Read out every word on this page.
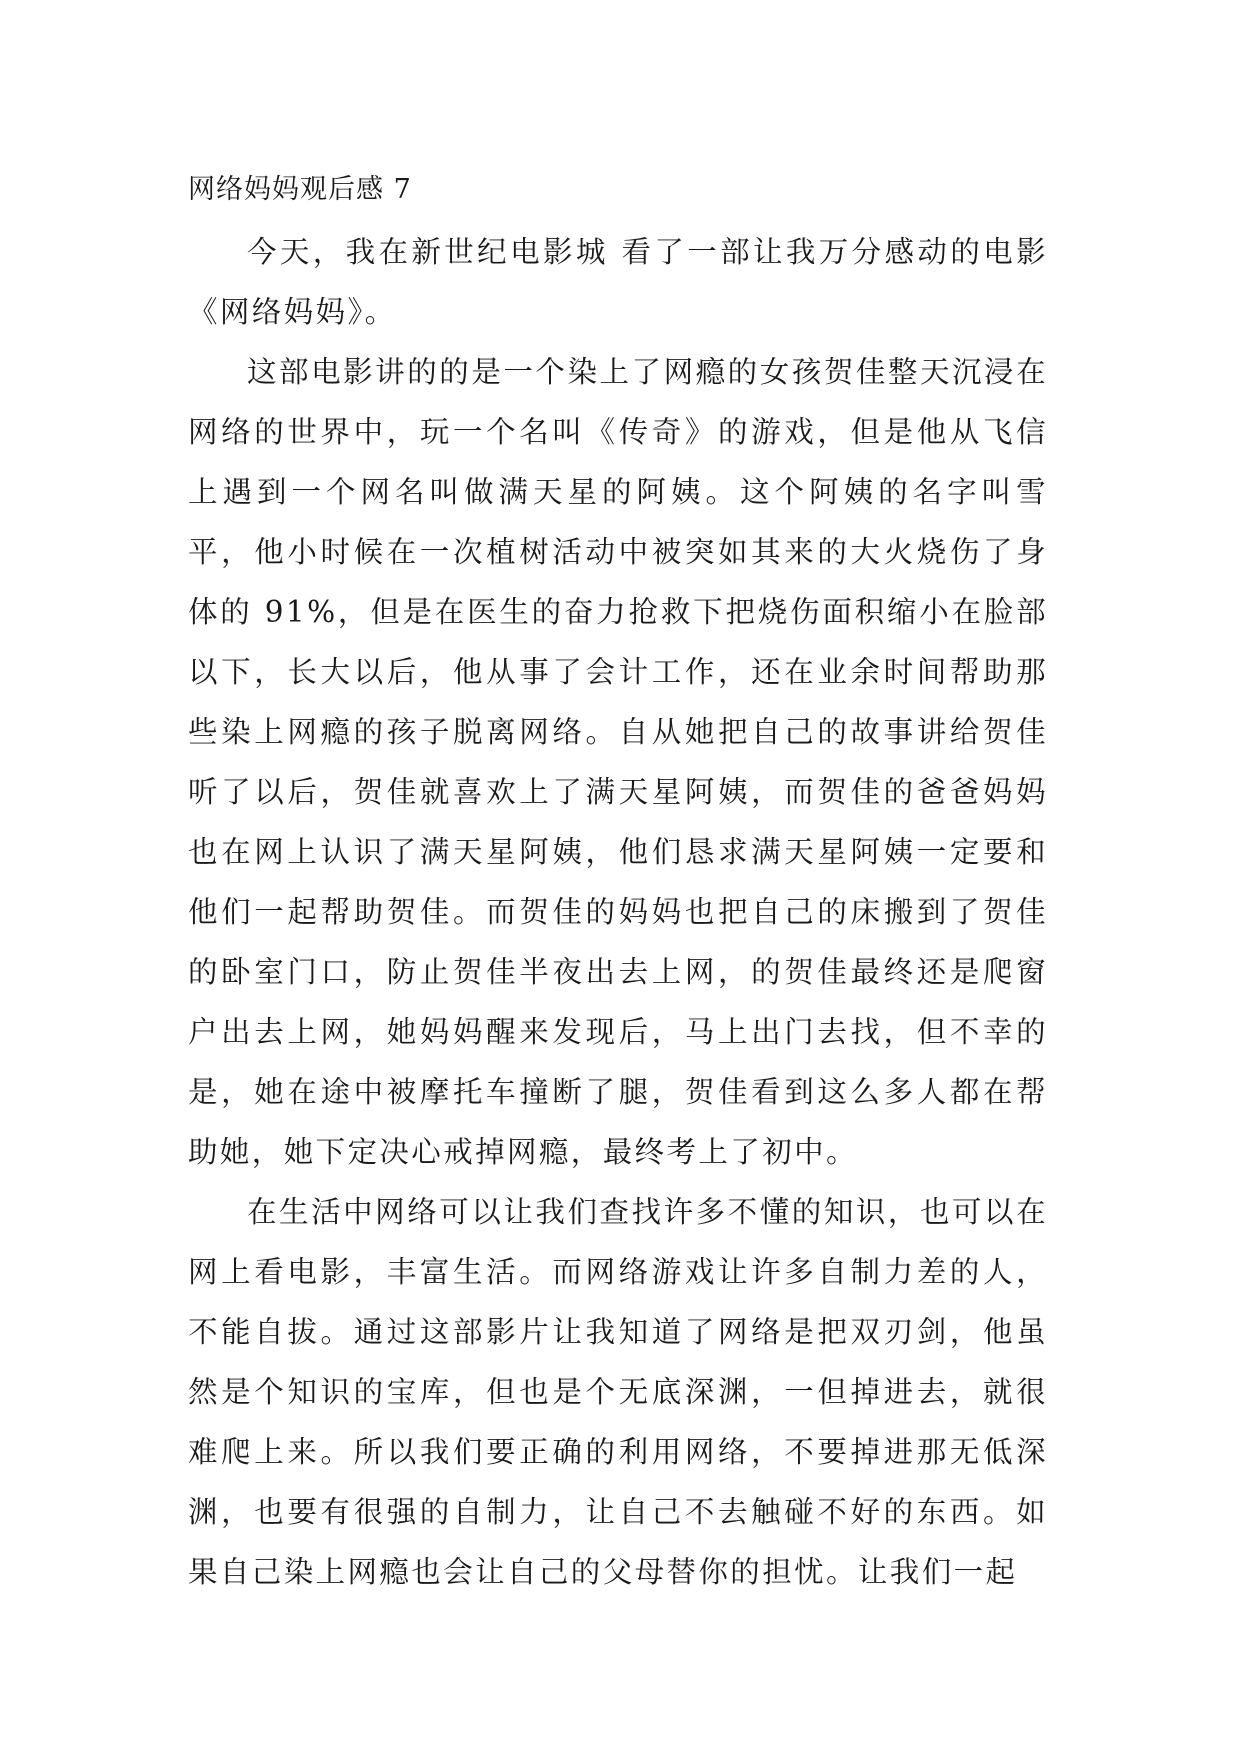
网络妈妈观后感 7

今天，我在新世纪电影城 看了一部让我万分感动的电影《网络妈妈》。

这部电影讲的的是一个染上了网瘾的女孩贺佳整天沉浸在网络的世界中，玩一个名叫《传奇》的游戏，但是他从飞信上遇到一个网名叫做满天星的阿姨。这个阿姨的名字叫雪平，他小时候在一次植树活动中被突如其来的大火烧伤了身体的 91%，但是在医生的奋力抢救下把烧伤面积缩小在脸部以下，长大以后，他从事了会计工作，还在业余时间帮助那些染上网瘾的孩子脱离网络。自从她把自己的故事讲给贺佳听了以后，贺佳就喜欢上了满天星阿姨，而贺佳的爸爸妈妈也在网上认识了满天星阿姨，他们恳求满天星阿姨一定要和他们一起帮助贺佳。而贺佳的妈妈也把自己的床搬到了贺佳的卧室门口，防止贺佳半夜出去上网，的贺佳最终还是爬窗户出去上网，她妈妈醒来发现后，马上出门去找，但不幸的是，她在途中被摩托车撞断了腿，贺佳看到这么多人都在帮助她，她下定决心戒掉网瘾，最终考上了初中。

在生活中网络可以让我们查找许多不懂的知识，也可以在网上看电影，丰富生活。而网络游戏让许多自制力差的人，不能自拔。通过这部影片让我知道了网络是把双刃剑，他虽然是个知识的宝库，但也是个无底深渊，一但掉进去，就很难爬上来。所以我们要正确的利用网络，不要掉进那无低深渊，也要有很强的自制力，让自己不去触碰不好的东西。如果自己染上网瘾也会让自己的父母替你的担忧。让我们一起
